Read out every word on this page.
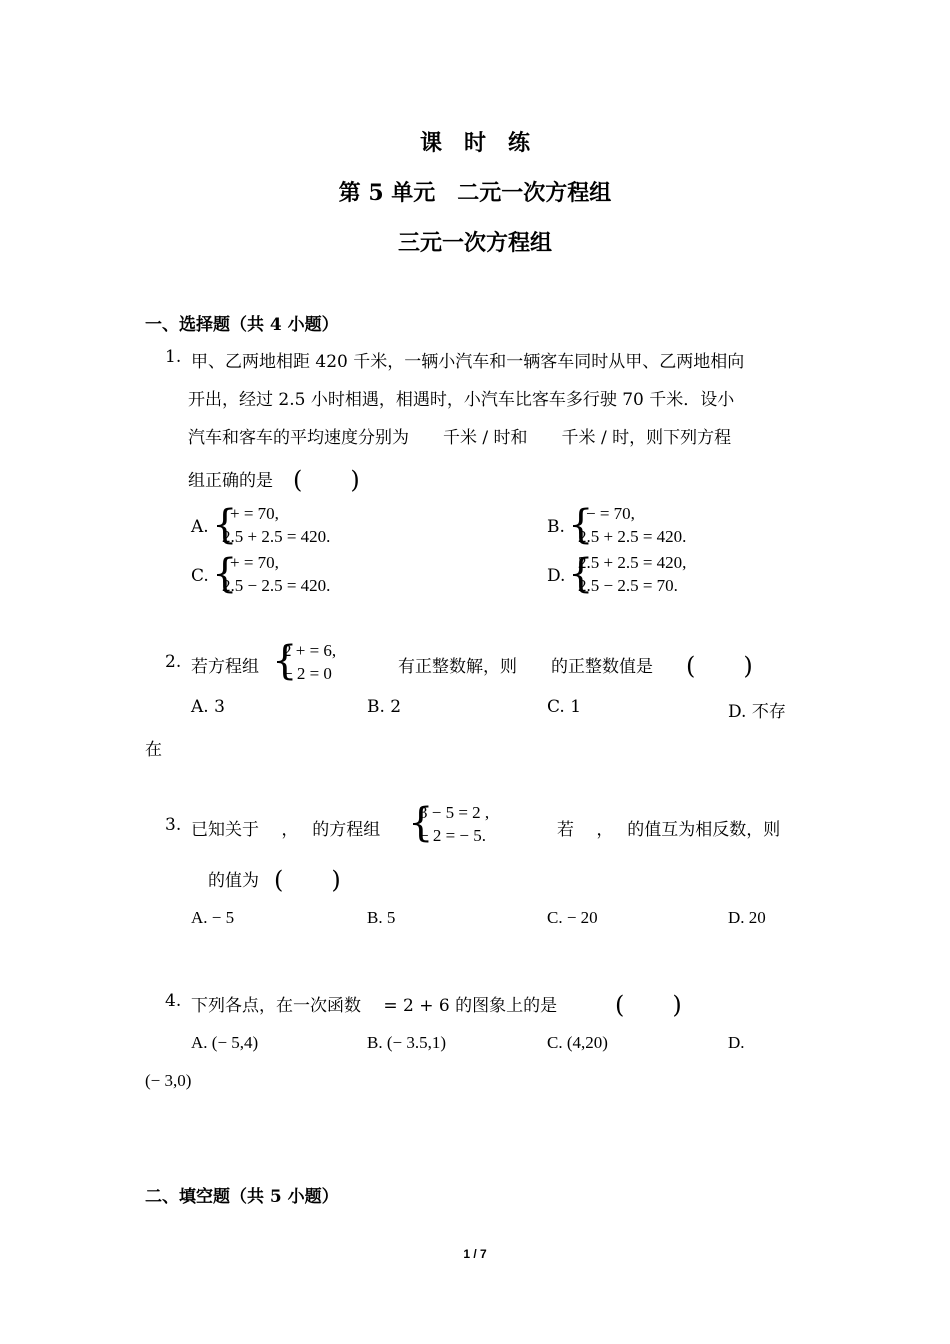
课　时　练
第 5 单元　二元一次方程组
三元一次方程组
一、选择题（共 4 小题）
1. 甲、乙两地相距 420 千米，一辆小汽车和一辆客车同时从甲、乙两地相向
开出，经过 2.5 小时相遇，相遇时，小汽车比客车多行驶 70 千米．设小
汽车和客车的平均速度分别为　　千米 / 时和　　千米 / 时，则下列方程
组正确的是 (　　)
A. {
+ = 70,
2.5 + 2.5 = 420.	B. {
− = 70,
2.5 + 2.5 = 420.
C. {
+ = 70,
2.5 − 2.5 = 420.	D. {
2.5 + 2.5 = 420,
2.5 − 2.5 = 70.
2. 若方程组 {
2 + = 6,
− 2 = 0	有正整数解，则　　的正整数值是 (　　)
A. 3	B. 2	C. 1	D. 不存
在
3. 已知关于　 ，　 的方程组 {
3 − 5 = 2 ,
− 2 = − 5.	若　 ，　 的值互为相反数，则
的值为 (　　)
A. − 5	B. 5	C. − 20	D. 20
4. 下列各点，在一次函数　 = 2 + 6 的图象上的是 (　　)
A. (− 5,4)	B. (− 3.5,1)	C. (4,20)	D.
(− 3,0)
二、填空题（共 5 小题）
1 / 7
